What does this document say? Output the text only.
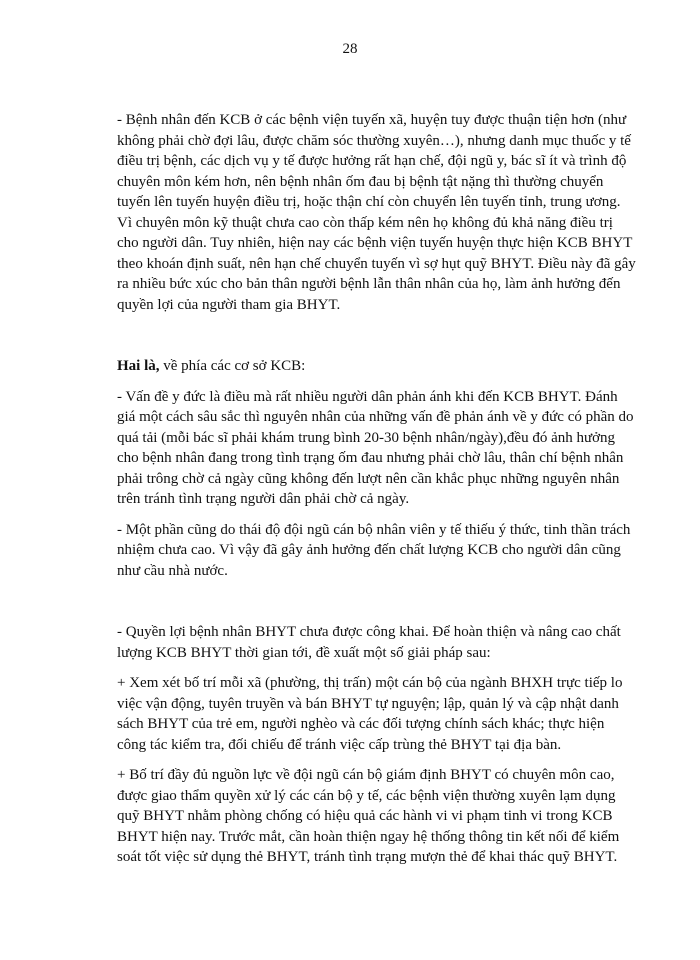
28

- Bệnh nhân đến KCB ở các bệnh viện tuyến xã, huyện tuy được thuận tiện hơn (như không phải chờ đợi lâu, được chăm sóc thường xuyên…), nhưng danh mục thuốc y tế điều trị bệnh, các dịch vụ y tế được hưởng rất hạn chế, đội ngũ y, bác sĩ ít và trình độ chuyên môn kém hơn, nên bệnh nhân ốm đau bị bệnh tật nặng thì thường chuyển tuyến lên tuyến huyện điều trị, hoặc thận chí còn chuyển lên tuyến tỉnh, trung ương. Vì chuyên môn kỹ thuật chưa cao còn thấp kém nên họ không đủ khả năng điều trị cho người dân. Tuy nhiên, hiện nay các bệnh viện tuyến huyện thực hiện KCB BHYT theo khoán định suất, nên hạn chế chuyển tuyến vì sợ hụt quỹ BHYT. Điều này đã gây ra nhiều bức xúc cho bản thân người bệnh lẫn thân nhân của họ, làm ảnh hưởng đến quyền lợi của người tham gia BHYT.

Hai là, về phía các cơ sở KCB:

- Vấn đề y đức là điều mà rất nhiều người dân phản ánh khi đến KCB BHYT. Đánh giá một cách sâu sắc thì nguyên nhân của những vấn đề phản ánh về y đức có phần do quá tải (mỗi bác sĩ phải khám trung bình 20-30 bệnh nhân/ngày),đều đó ảnh hưởng cho bệnh nhân đang trong tình trạng ốm đau nhưng phải chờ lâu, thân chí bệnh nhân phải trông chờ cả ngày cũng không đến lượt nên cần khắc phục những nguyên nhân trên tránh tình trạng người dân phải chờ cả ngày.

- Một phần cũng do thái độ đội ngũ cán bộ nhân viên y tế thiếu ý thức, tinh thần trách nhiệm chưa cao. Vì vậy đã gây ảnh hưởng đến chất lượng KCB cho người dân cũng như cầu nhà nước.

- Quyền lợi bệnh nhân BHYT chưa được công khai. Để hoàn thiện và nâng cao chất lượng KCB BHYT thời gian tới, đề xuất một số giải pháp sau:

+ Xem xét bố trí mỗi xã (phường, thị trấn) một cán bộ của ngành BHXH trực tiếp lo việc vận động, tuyên truyền và bán BHYT tự nguyện; lập, quản lý và cập nhật danh sách BHYT của trẻ em, người nghèo và các đối tượng chính sách khác; thực hiện công tác kiểm tra, đối chiếu để tránh việc cấp trùng thẻ BHYT tại địa bàn.

+ Bố trí đầy đủ nguồn lực về đội ngũ cán bộ giám định BHYT có chuyên môn cao, được giao thẩm quyền xử lý các cán bộ y tế, các bệnh viện thường xuyên lạm dụng quỹ BHYT nhằm phòng chống có hiệu quả các hành vi vi phạm tinh vi trong KCB BHYT hiện nay. Trước mắt, cần hoàn thiện ngay hệ thống thông tin kết nối để kiểm soát tốt việc sử dụng thẻ BHYT, tránh tình trạng mượn thẻ để khai thác quỹ BHYT.
